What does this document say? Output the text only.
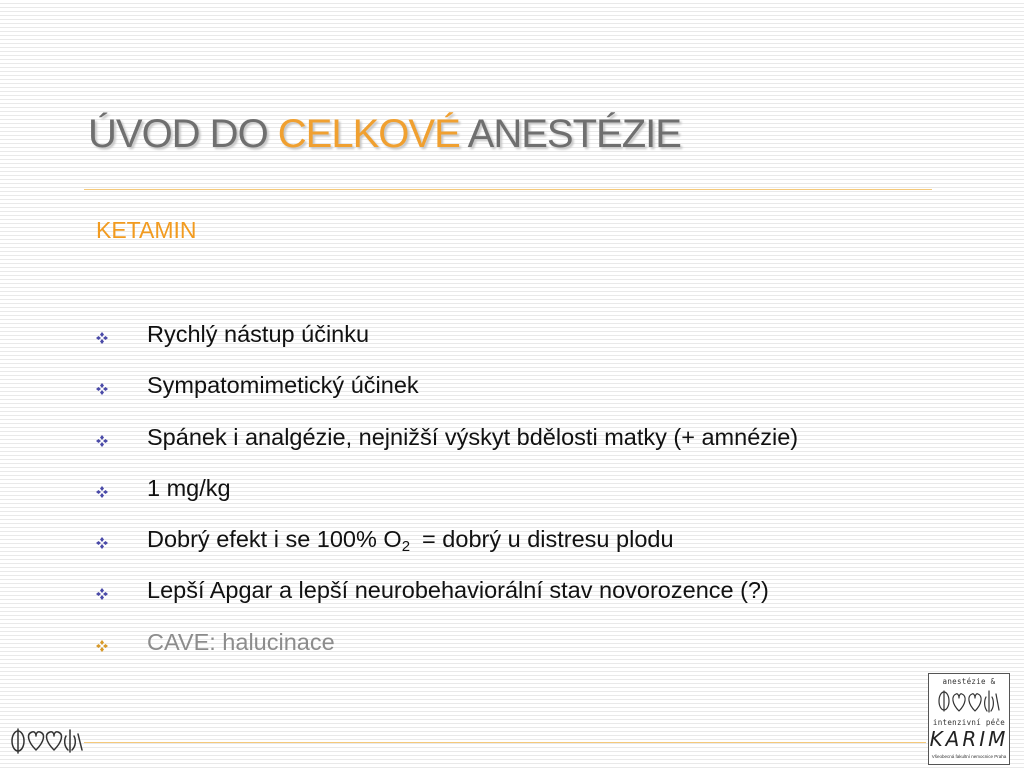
ÚVOD DO CELKOVÉ ANESTÉZIE
KETAMIN
Rychlý nástup účinku
Sympatomimetický účinek
Spánek i analgézie, nejnižší výskyt bdělosti matky (+ amnézie)
1 mg/kg
Dobrý efekt i se 100% $O_2$ = dobrý u distresu plodu
Lepší Apgar a lepší neurobehaviorální stav novorozence (?)
CAVE: halucinace
anestézie &
intenzivní péče
KARIM
Všeobecná fakultní nemocnice Praha
